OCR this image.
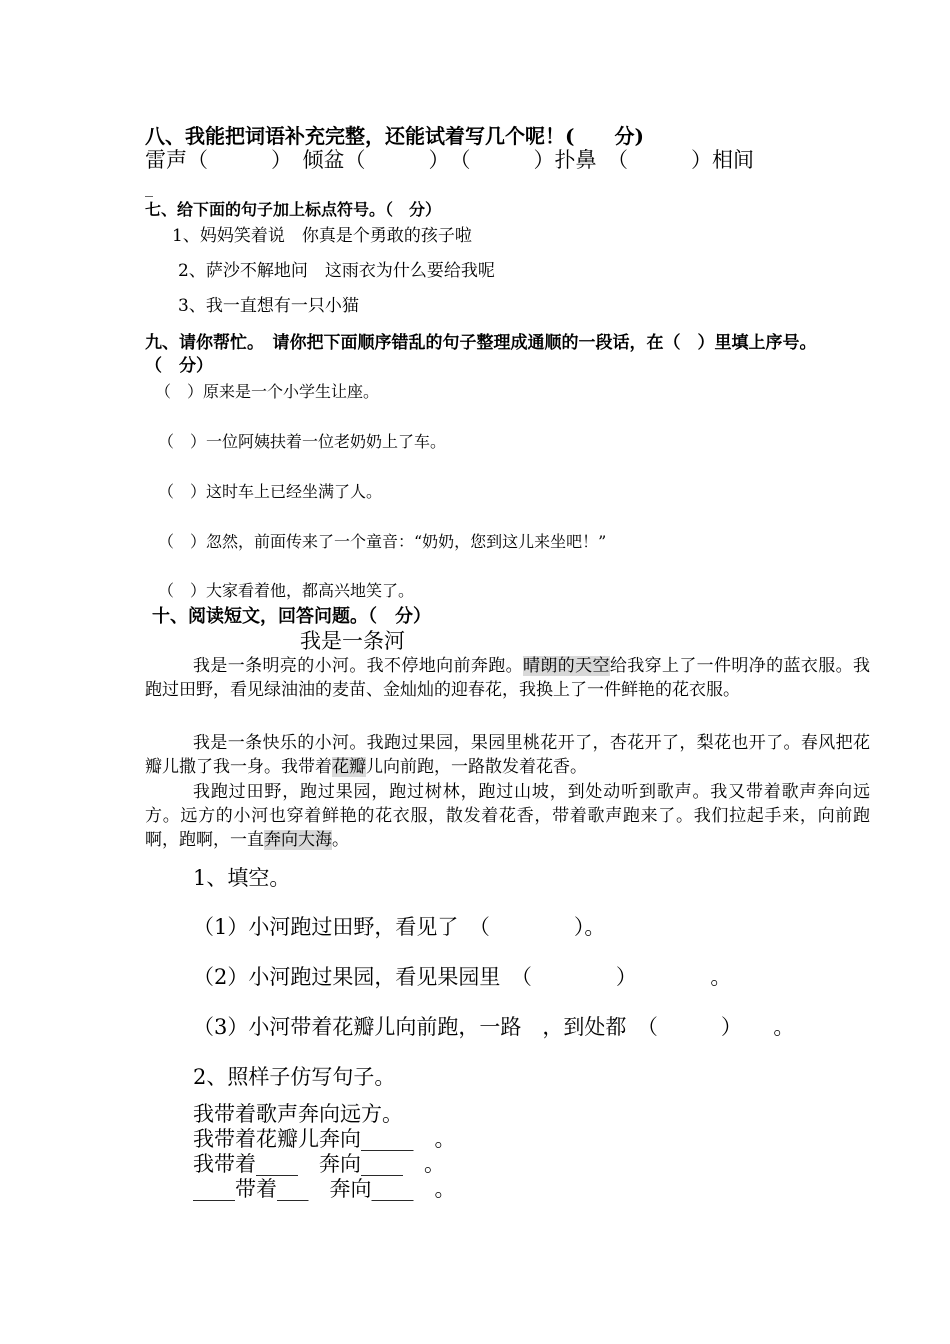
八、我能把词语补充完整，还能试着写几个呢！(　　分)
雷声（　　　）　倾盆（　　　）　（　　　）扑鼻　（　　　）相间
_
七、给下面的句子加上标点符号。（　分）
1、妈妈笑着说　你真是个勇敢的孩子啦
2、萨沙不解地问　这雨衣为什么要给我呢
3、我一直想有一只小猫
九、请你帮忙。　请你把下面顺序错乱的句子整理成通顺的一段话，在（　）里填上序号。
（　分）
（　）原来是一个小学生让座。
（　）一位阿姨扶着一位老奶奶上了车。
（　）这时车上已经坐满了人。
（　）忽然，前面传来了一个童音：“奶奶，您到这儿来坐吧！”
（　）大家看着他，都高兴地笑了。
十、阅读短文，回答问题。（　分）
我是一条河
我是一条明亮的小河。我不停地向前奔跑。晴朗的天空给我穿上了一件明净的蓝衣服。我跑过田野，看见绿油油的麦苗、金灿灿的迎春花，我换上了一件鲜艳的花衣服。
我是一条快乐的小河。我跑过果园，果园里桃花开了，杏花开了，梨花也开了。春风把花瓣儿撒了我一身。我带着花瓣儿向前跑，一路散发着花香。
我跑过田野，跑过果园，跑过树林，跑过山坡，到处动听到歌声。我又带着歌声奔向远方。远方的小河也穿着鲜艳的花衣服，散发着花香，带着歌声跑来了。我们拉起手来，向前跑啊，跑啊，一直奔向大海。
1、填空。
（1）小河跑过田野，看见了　（　　　　）。
（2）小河跑过果园，看见果园里　（　　　　）　　　　。
（3）小河带着花瓣儿向前跑，一路　，到处都　（　　　）　　。
2、照样子仿写句子。
我带着歌声奔向远方。
我带着花瓣儿奔向_____　。
我带着____　奔向____　。
____带着___　奔向____　。
